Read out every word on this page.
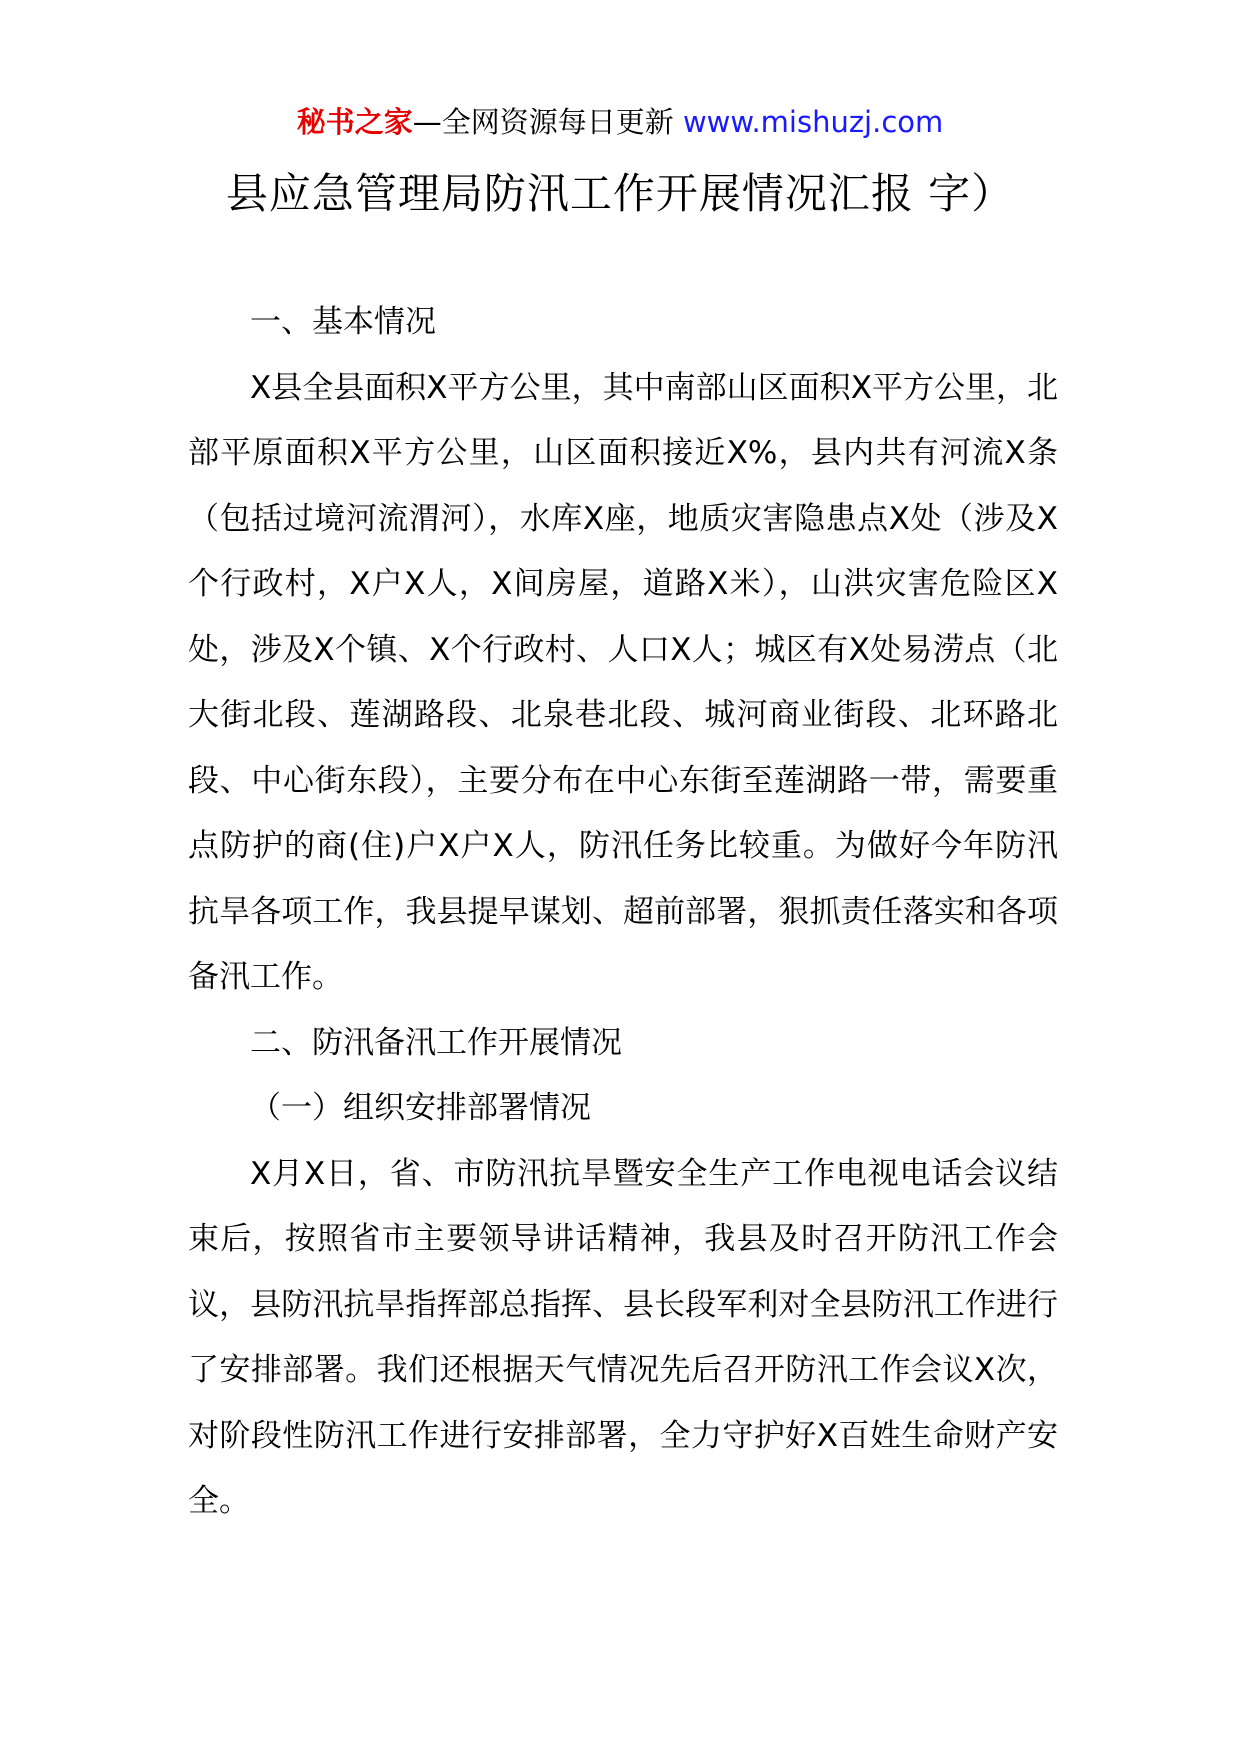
秘书之家—全网资源每日更新 www.mishuzj.com
县应急管理局防汛工作开展情况汇报 字）

一、基本情况

X县全县面积X平方公里，其中南部山区面积X平方公里，北部平原面积X平方公里，山区面积接近X%，县内共有河流X条（包括过境河流渭河），水库X座，地质灾害隐患点X处（涉及X个行政村，X户X人，X间房屋，道路X米），山洪灾害危险区X处，涉及X个镇、X个行政村、人口X人；城区有X处易涝点（北大街北段、莲湖路段、北泉巷北段、城河商业街段、北环路北段、中心街东段），主要分布在中心东街至莲湖路一带，需要重点防护的商(住)户X户X人，防汛任务比较重。为做好今年防汛抗旱各项工作，我县提早谋划、超前部署，狠抓责任落实和各项备汛工作。

二、防汛备汛工作开展情况

（一）组织安排部署情况

X月X日，省、市防汛抗旱暨安全生产工作电视电话会议结束后，按照省市主要领导讲话精神，我县及时召开防汛工作会议，县防汛抗旱指挥部总指挥、县长段军利对全县防汛工作进行了安排部署。我们还根据天气情况先后召开防汛工作会议X次，对阶段性防汛工作进行安排部署，全力守护好X百姓生命财产安全。
